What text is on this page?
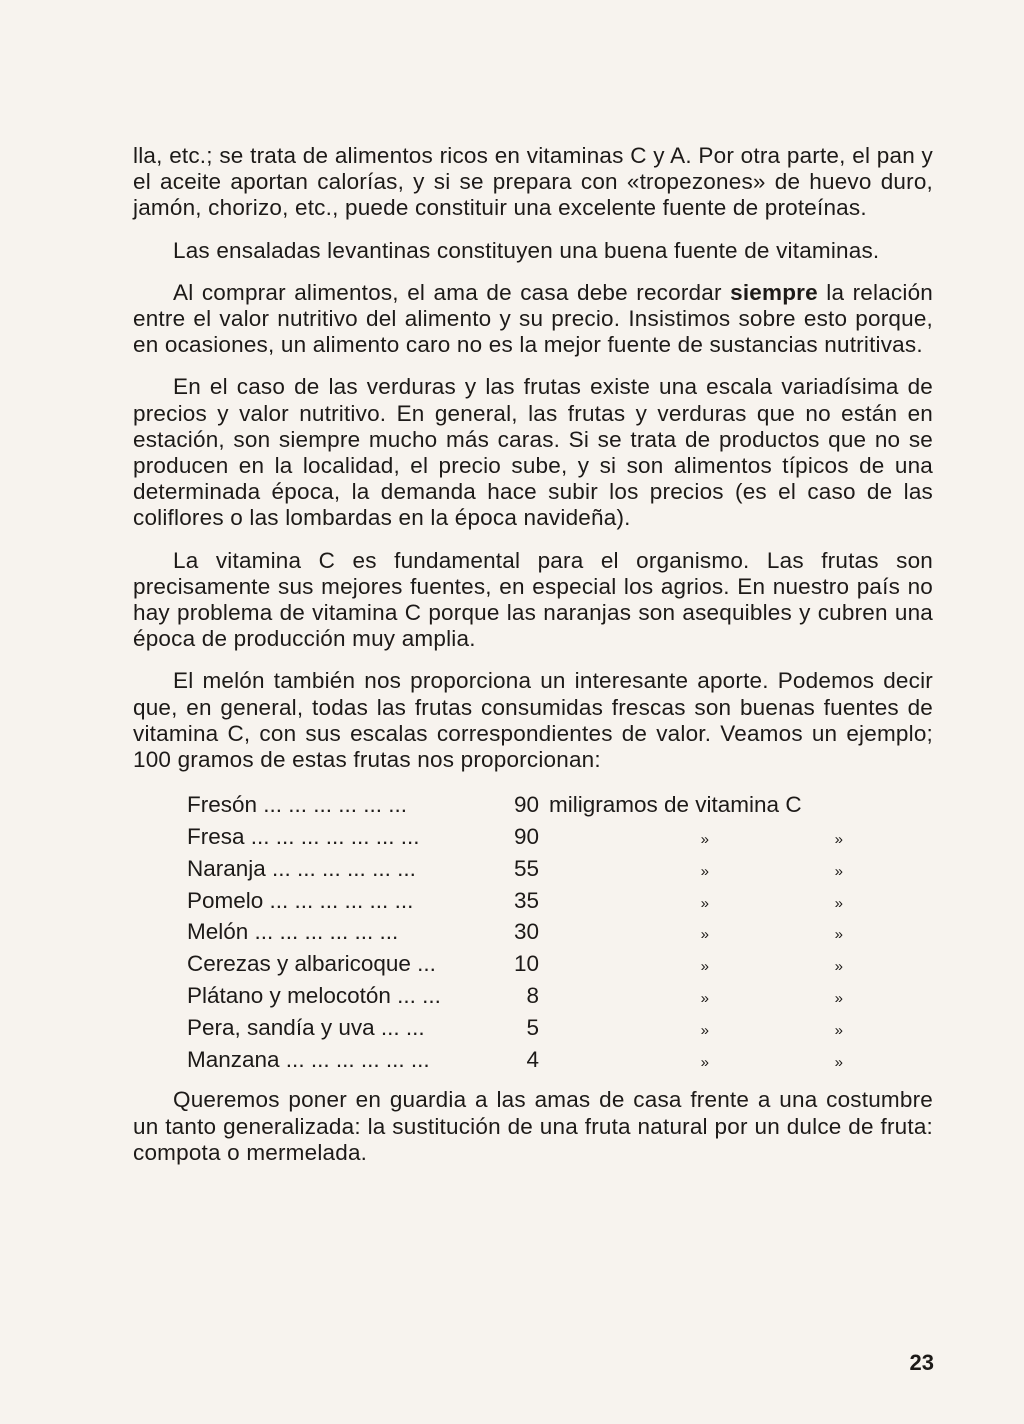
lla, etc.; se trata de alimentos ricos en vitaminas C y A. Por otra parte, el pan y el aceite aportan calorías, y si se prepara con «tropezones» de huevo duro, jamón, chorizo, etc., puede constituir una excelente fuente de proteínas.

Las ensaladas levantinas constituyen una buena fuente de vitaminas.

Al comprar alimentos, el ama de casa debe recordar siempre la relación entre el valor nutritivo del alimento y su precio. Insistimos sobre esto porque, en ocasiones, un alimento caro no es la mejor fuente de sustancias nutritivas.

En el caso de las verduras y las frutas existe una escala variadísima de precios y valor nutritivo. En general, las frutas y verduras que no están en estación, son siempre mucho más caras. Si se trata de productos que no se producen en la localidad, el precio sube, y si son alimentos típicos de una determinada época, la demanda hace subir los precios (es el caso de las coliflores o las lombardas en la época navideña).

La vitamina C es fundamental para el organismo. Las frutas son precisamente sus mejores fuentes, en especial los agrios. En nuestro país no hay problema de vitamina C porque las naranjas son asequibles y cubren una época de producción muy amplia.

El melón también nos proporciona un interesante aporte. Podemos decir que, en general, todas las frutas consumidas frescas son buenas fuentes de vitamina C, con sus escalas correspondientes de valor. Veamos un ejemplo; 100 gramos de estas frutas nos proporcionan:

Fresón ... ... ... ... ... ...	90 miligramos de vitamina C
Fresa ... ... ... ... ... ... ...	90	»	»
Naranja ... ... ... ... ... ...	55	»	»
Pomelo ... ... ... ... ... ...	35	»	»
Melón ... ... ... ... ... ...	30	»	»
Cerezas y albaricoque ...	10	»	»
Plátano y melocotón ... ...	8	»	»
Pera, sandía y uva ... ...	5	»	»
Manzana ... ... ... ... ... ...	4	»	»

Queremos poner en guardia a las amas de casa frente a una costumbre un tanto generalizada: la sustitución de una fruta natural por un dulce de fruta: compota o mermelada.

23
